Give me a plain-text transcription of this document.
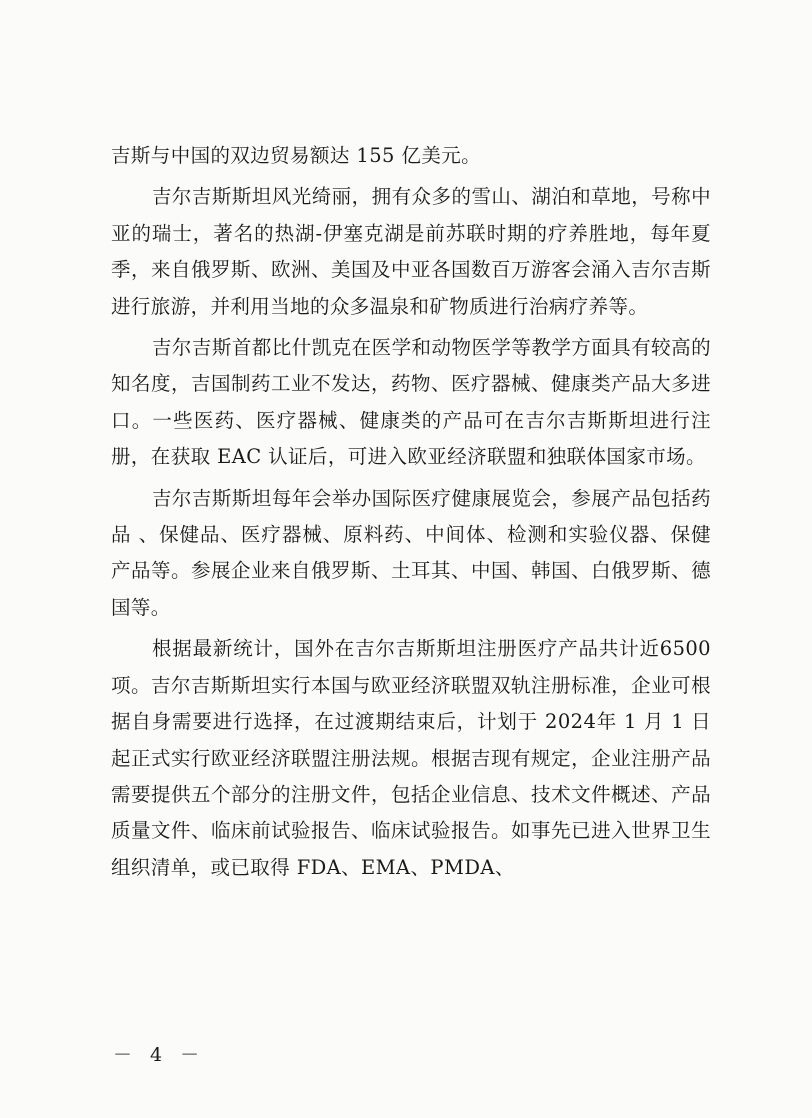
吉斯与中国的双边贸易额达 155 亿美元。

吉尔吉斯斯坦风光绮丽，拥有众多的雪山、湖泊和草地，号称中亚的瑞士，著名的热湖-伊塞克湖是前苏联时期的疗养胜地，每年夏季，来自俄罗斯、欧洲、美国及中亚各国数百万游客会涌入吉尔吉斯进行旅游，并利用当地的众多温泉和矿物质进行治病疗养等。

吉尔吉斯首都比什凯克在医学和动物医学等教学方面具有较高的知名度，吉国制药工业不发达，药物、医疗器械、健康类产品大多进口。一些医药、医疗器械、健康类的产品可在吉尔吉斯斯坦进行注册，在获取 EAC 认证后，可进入欧亚经济联盟和独联体国家市场。

吉尔吉斯斯坦每年会举办国际医疗健康展览会，参展产品包括药品 、保健品、医疗器械、原料药、中间体、检测和实验仪器、保健产品等。参展企业来自俄罗斯、土耳其、中国、韩国、白俄罗斯、德国等。

根据最新统计，国外在吉尔吉斯斯坦注册医疗产品共计近6500项。吉尔吉斯斯坦实行本国与欧亚经济联盟双轨注册标准，企业可根据自身需要进行选择，在过渡期结束后，计划于 2024年 1 月 1 日起正式实行欧亚经济联盟注册法规。根据吉现有规定，企业注册产品需要提供五个部分的注册文件，包括企业信息、技术文件概述、产品质量文件、临床前试验报告、临床试验报告。如事先已进入世界卫生组织清单，或已取得 FDA、EMA、PMDA、

－ 4 －
